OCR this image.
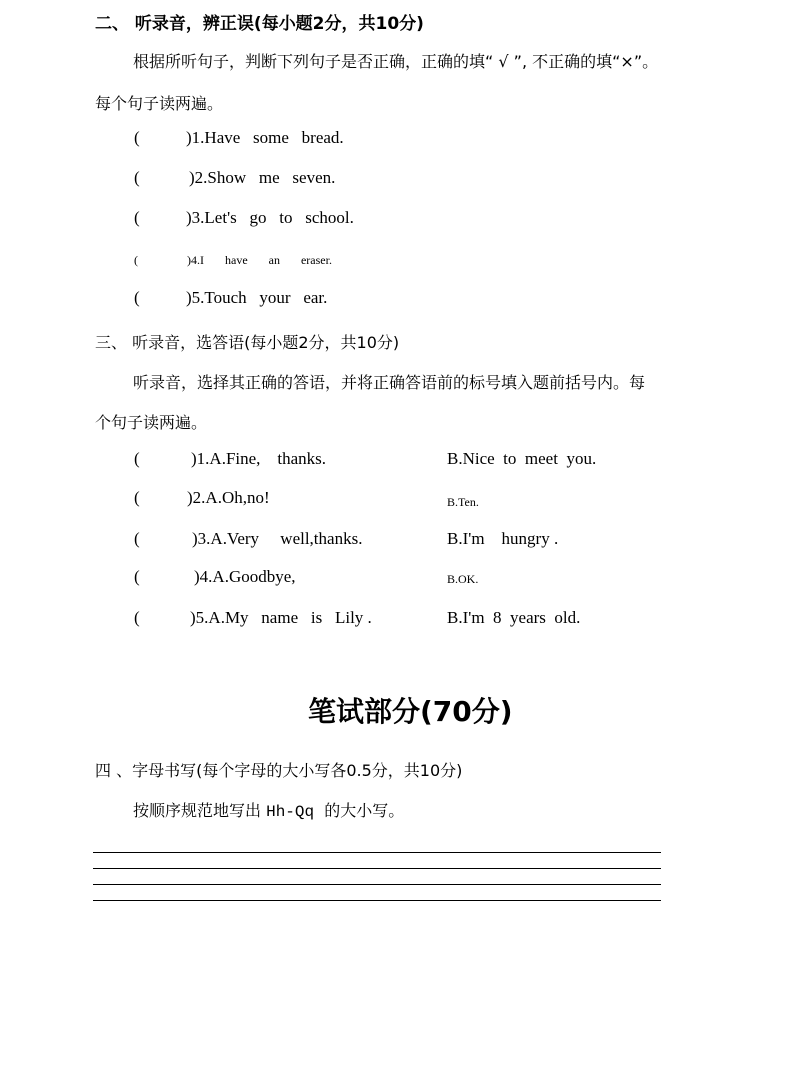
二、 听录音，辨正误(每小题2分，共10分)
根据所听句子，判断下列句子是否正确，正确的填“ √ ”, 不正确的填“×”。
每个句子读两遍。
(	)1.Have   some   bread.
(	)2.Show   me   seven.
(	)3.Let's   go   to   school.
(	)4.I       have       an       eraser.
(	)5.Touch   your   ear.
三、 听录音，选答语(每小题2分，共10分)
听录音，选择其正确的答语，并将正确答语前的标号填入题前括号内。每
个句子读两遍。
(	)1.A.Fine,    thanks.	B.Nice  to  meet  you.
(	)2.A.Oh,no!	B.Ten.
(	)3.A.Very     well,thanks.	B.I'm    hungry .
(	)4.A.Goodbye,	B.OK.
(	)5.A.My   name   is   Lily .	B.I'm  8  years  old.
笔试部分(70分)
四 、字母书写(每个字母的大小写各0.5分，共10分)
按顺序规范地写出 Hh-Qq  的大小写。
